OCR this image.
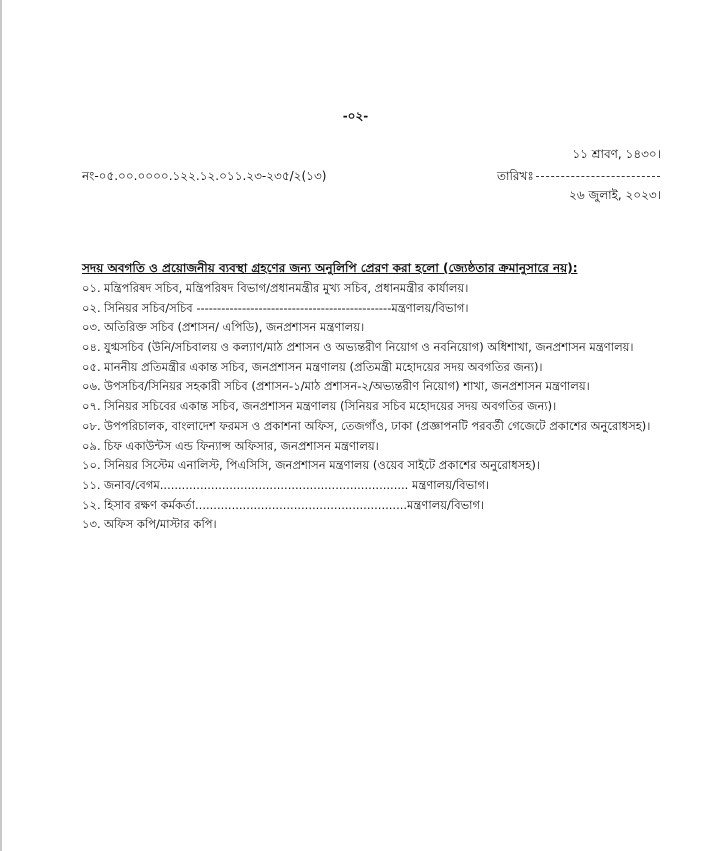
-০২-
১১ শ্রাবণ, ১৪৩০।
নং-০৫.০০.০০০০.১২২.১২.০১১.২৩-২৩৫/২(১৩)	তারিখঃ
২৬ জুলাই, ২০২৩।
সদয় অবগতি ও প্রয়োজনীয় ব্যবস্থা গ্রহণের জন্য অনুলিপি প্রেরণ করা হলো (জ্যেষ্ঠতার ক্রমানুসারে নয়):
০১. মন্ত্রিপরিষদ সচিব, মন্ত্রিপরিষদ বিভাগ/প্রধানমন্ত্রীর মুখ্য সচিব, প্রধানমন্ত্রীর কার্যালয়।
০২. সিনিয়র সচিব/সচিব -----------------------------------------------মন্ত্রণালয়/বিভাগ।
০৩. অতিরিক্ত সচিব (প্রশাসন/ এপিডি), জনপ্রশাসন মন্ত্রণালয়।
০৪. যুগ্মসচিব (উনি/সচিবালয় ও কল্যাণ/মাঠ প্রশাসন ও অভ্যন্তরীণ নিয়োগ ও নবনিয়োগ) অধিশাখা, জনপ্রশাসন মন্ত্রণালয়।
০৫. মাননীয় প্রতিমন্ত্রীর একান্ত সচিব, জনপ্রশাসন মন্ত্রণালয় (প্রতিমন্ত্রী মহোদয়ের সদয় অবগতির জন্য)।
০৬. উপসচিব/সিনিয়র সহকারী সচিব (প্রশাসন-১/মাঠ প্রশাসন-২/অভ্যন্তরীণ নিয়োগ) শাখা, জনপ্রশাসন মন্ত্রণালয়।
০৭. সিনিয়র সচিবের একান্ত সচিব, জনপ্রশাসন মন্ত্রণালয় (সিনিয়র সচিব মহোদয়ের সদয় অবগতির জন্য)।
০৮. উপপরিচালক, বাংলাদেশ ফরমস ও প্রকাশনা অফিস, তেজগাঁও, ঢাকা (প্রজ্ঞাপনটি পরবর্তী গেজেটে প্রকাশের অনুরোধসহ)।
০৯. চিফ একাউন্টস এন্ড ফিন্যান্স অফিসার, জনপ্রশাসন মন্ত্রণালয়।
১০. সিনিয়র সিস্টেম এনালিস্ট, পিএসিসি, জনপ্রশাসন মন্ত্রণালয় (ওয়েব সাইটে প্রকাশের অনুরোধসহ)।
১১. জনাব/বেগম.................................................................... মন্ত্রণালয়/বিভাগ।
১২. হিসাব রক্ষণ কর্মকর্তা..........................................................মন্ত্রণালয়/বিভাগ।
১৩. অফিস কপি/মাস্টার কপি।
